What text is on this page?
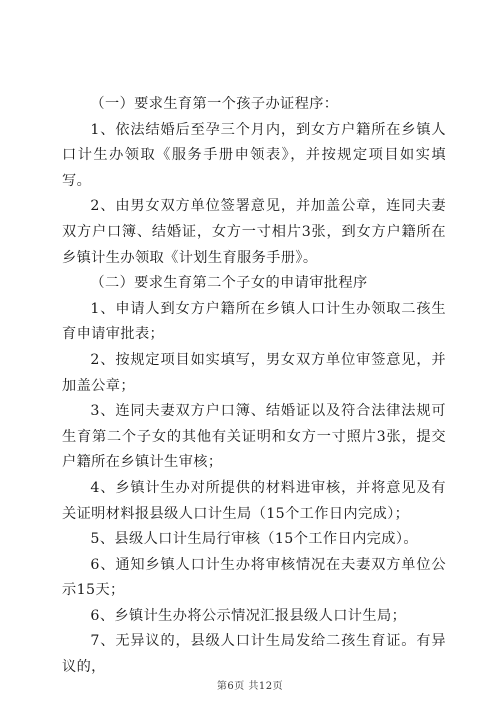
（一）要求生育第一个孩子办证程序：

1、依法结婚后至孕三个月内，到女方户籍所在乡镇人口计生办领取《服务手册申领表》，并按规定项目如实填写。

2、由男女双方单位签署意见，并加盖公章，连同夫妻双方户口簿、结婚证，女方一寸相片3张，到女方户籍所在乡镇计生办领取《计划生育服务手册》。

（二）要求生育第二个子女的申请审批程序

1、申请人到女方户籍所在乡镇人口计生办领取二孩生育申请审批表；

2、按规定项目如实填写，男女双方单位审签意见，并加盖公章；

3、连同夫妻双方户口簿、结婚证以及符合法律法规可生育第二个子女的其他有关证明和女方一寸照片3张，提交户籍所在乡镇计生审核；

4、乡镇计生办对所提供的材料进审核，并将意见及有关证明材料报县级人口计生局（15个工作日内完成）；

5、县级人口计生局行审核（15个工作日内完成）。

6、通知乡镇人口计生办将审核情况在夫妻双方单位公示15天；

6、乡镇计生办将公示情况汇报县级人口计生局；

7、无异议的，县级人口计生局发给二孩生育证。有异议的，

第6页 共12页
